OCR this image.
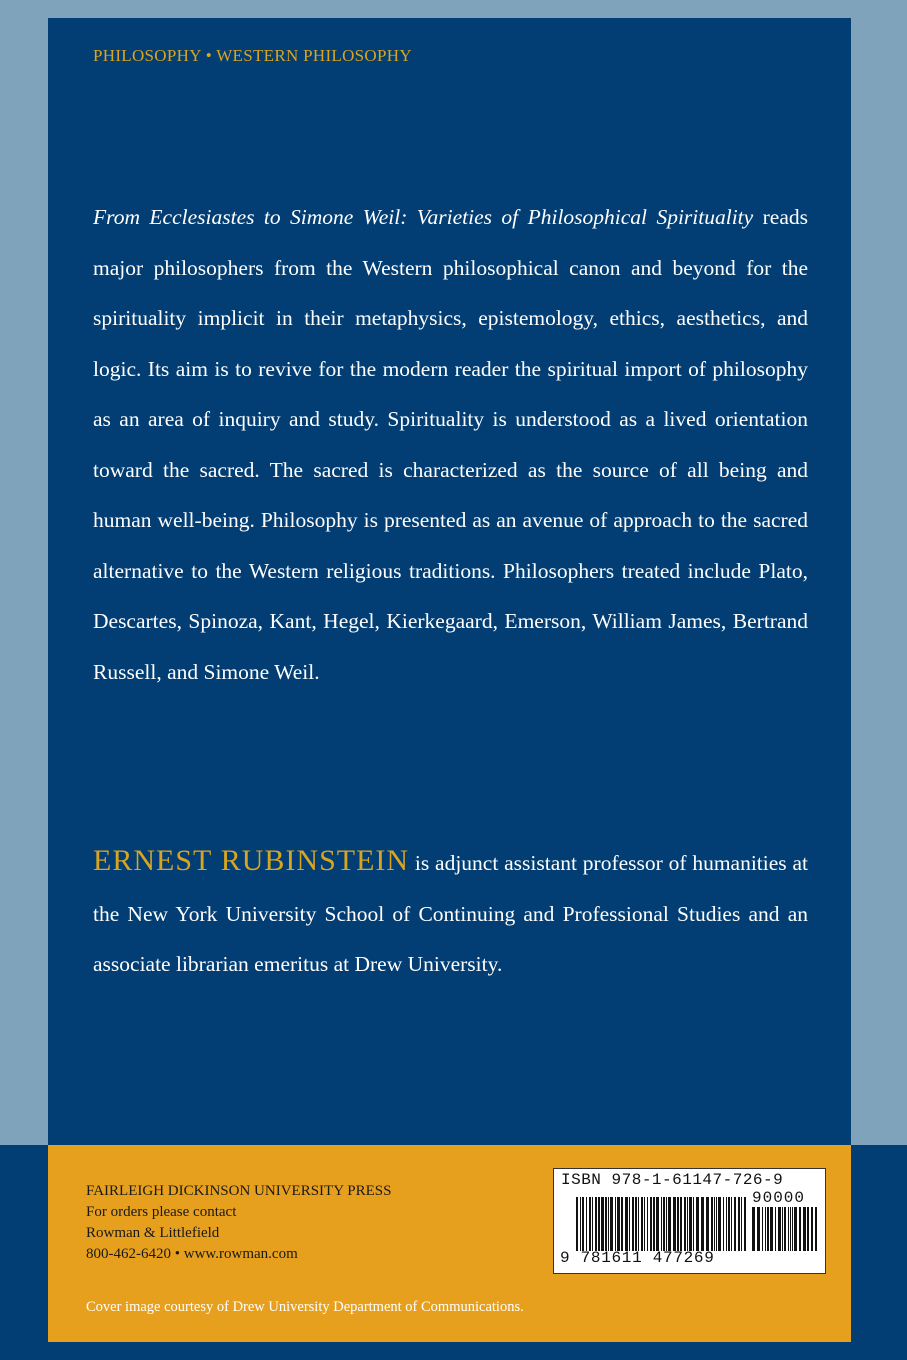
PHILOSOPHY • WESTERN PHILOSOPHY

From Ecclesiastes to Simone Weil: Varieties of Philosophical Spirituality reads major philosophers from the Western philosophical canon and beyond for the spirituality implicit in their metaphysics, epistemology, ethics, aesthetics, and logic. Its aim is to revive for the modern reader the spiritual import of philosophy as an area of inquiry and study. Spirituality is understood as a lived orientation toward the sacred. The sacred is characterized as the source of all being and human well-being. Philosophy is presented as an avenue of approach to the sacred alternative to the Western religious traditions. Philosophers treated include Plato, Descartes, Spinoza, Kant, Hegel, Kierkegaard, Emerson, William James, Bertrand Russell, and Simone Weil.

ERNEST RUBINSTEIN is adjunct assistant professor of humanities at the New York University School of Continuing and Professional Studies and an associate librarian emeritus at Drew University.

FAIRLEIGH DICKINSON UNIVERSITY PRESS
For orders please contact
Rowman & Littlefield
800-462-6420 • www.rowman.com
ISBN 978-1-61147-726-9
90000
9 781611 477269
Cover image courtesy of Drew University Department of Communications.
